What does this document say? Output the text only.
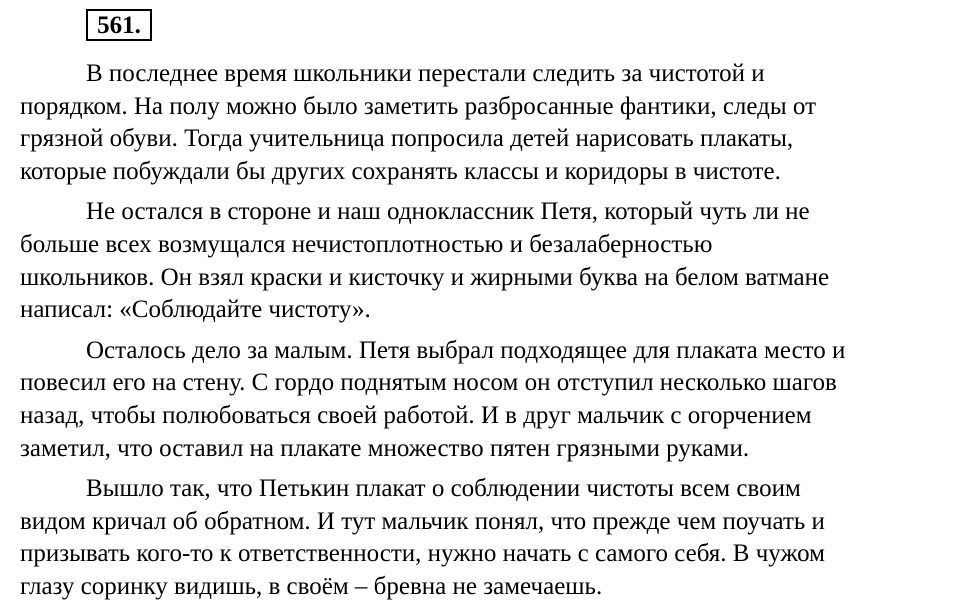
561.
В последнее время школьники перестали следить за чистотой и
порядком. На полу можно было заметить разбросанные фантики, следы от
грязной обуви. Тогда учительница попросила детей нарисовать плакаты,
которые побуждали бы других сохранять классы и коридоры в чистоте.
Не остался в стороне и наш одноклассник Петя, который чуть ли не
больше всех возмущался нечистоплотностью и безалаберностью
школьников. Он взял краски и кисточку и жирными буква на белом ватмане
написал: «Соблюдайте чистоту».
Осталось дело за малым. Петя выбрал подходящее для плаката место и
повесил его на стену. С гордо поднятым носом он отступил несколько шагов
назад, чтобы полюбоваться своей работой. И в друг мальчик с огорчением
заметил, что оставил на плакате множество пятен грязными руками.
Вышло так, что Петькин плакат о соблюдении чистоты всем своим
видом кричал об обратном. И тут мальчик понял, что прежде чем поучать и
призывать кого-то к ответственности, нужно начать с самого себя. В чужом
глазу соринку видишь, в своём – бревна не замечаешь.
